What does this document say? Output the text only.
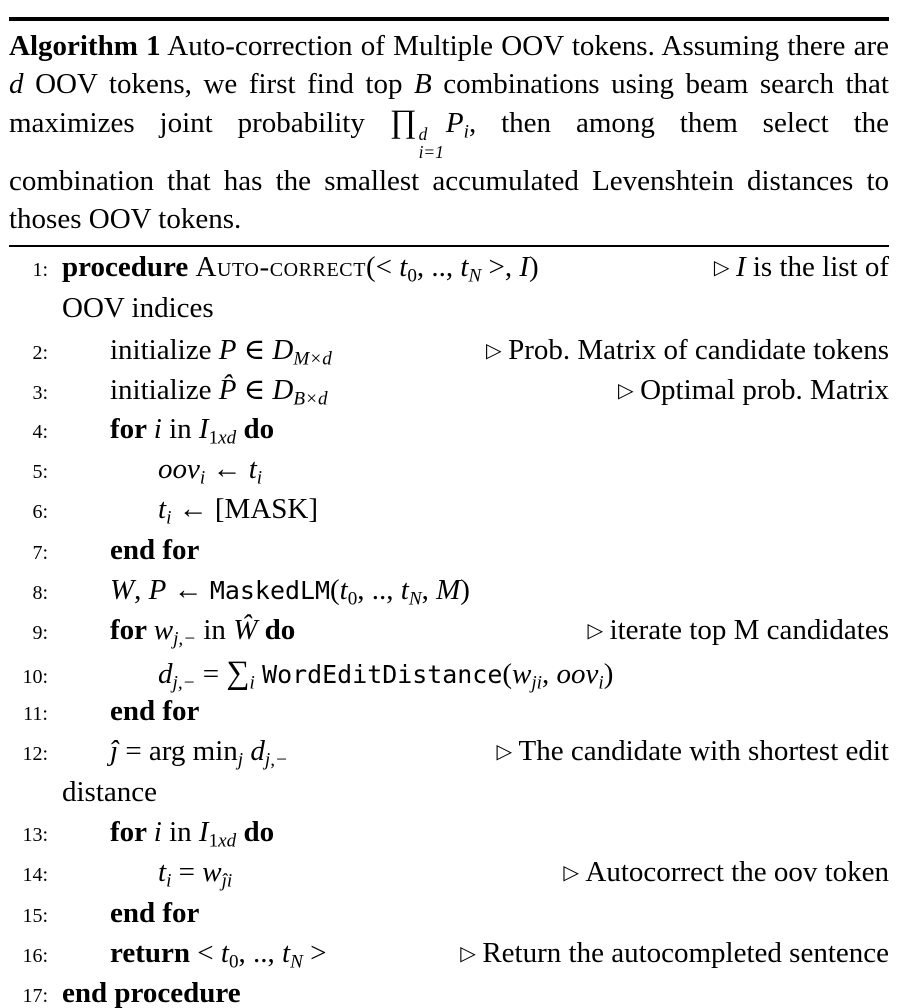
Algorithm 1 Auto-correction of Multiple OOV tokens. Assuming there are d OOV tokens, we first find top B combinations using beam search that maximizes joint probability ∏ d
i=1
Pi, then among them select the combination that has the smallest accumulated Levenshtein distances to thoses OOV tokens.

1: procedure Auto-correct(< t0, .., tN >, I)	▷ I is the list of
OOV indices
2:	initialize P ∈ DM×d	▷ Prob. Matrix of candidate tokens
3:	initialize P̂ ∈ DB×d	▷ Optimal prob. Matrix
4:	for i in I1xd do
5:	oovi ← ti
6:	ti ← [MASK]
7:	end for
8:	W, P ← MaskedLM(t0, .., tN, M)
9:	for wj,− in Ŵ do	▷ iterate top M candidates
10:	dj,− = ∑i WordEditDistance(wji, oovi)
11:	end for
12:	ĵ = arg minj dj,−	▷ The candidate with shortest edit
distance
13:	for i in I1xd do
14:	ti = wĵi	▷ Autocorrect the oov token
15:	end for
16:	return < t0, .., tN >	▷ Return the autocompleted sentence
17: end procedure
